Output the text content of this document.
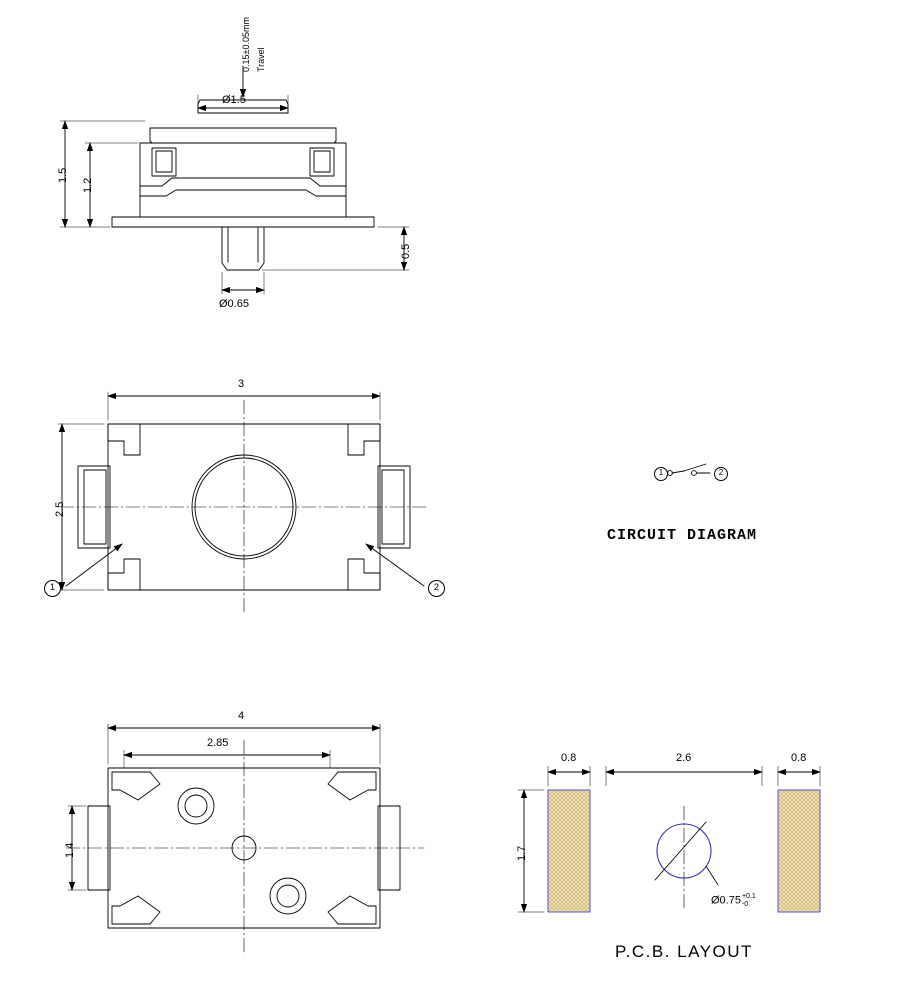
0.15±0.05mm Travel
Ø1.5
1.5
1.2
0.5
Ø0.65
3
2.5
1	2
4
2.85
1.4
1	2
CIRCUIT DIAGRAM
0.8	2.6	0.8
1.7
Ø0.75 +0.1
-0
P.C.B. LAYOUT
